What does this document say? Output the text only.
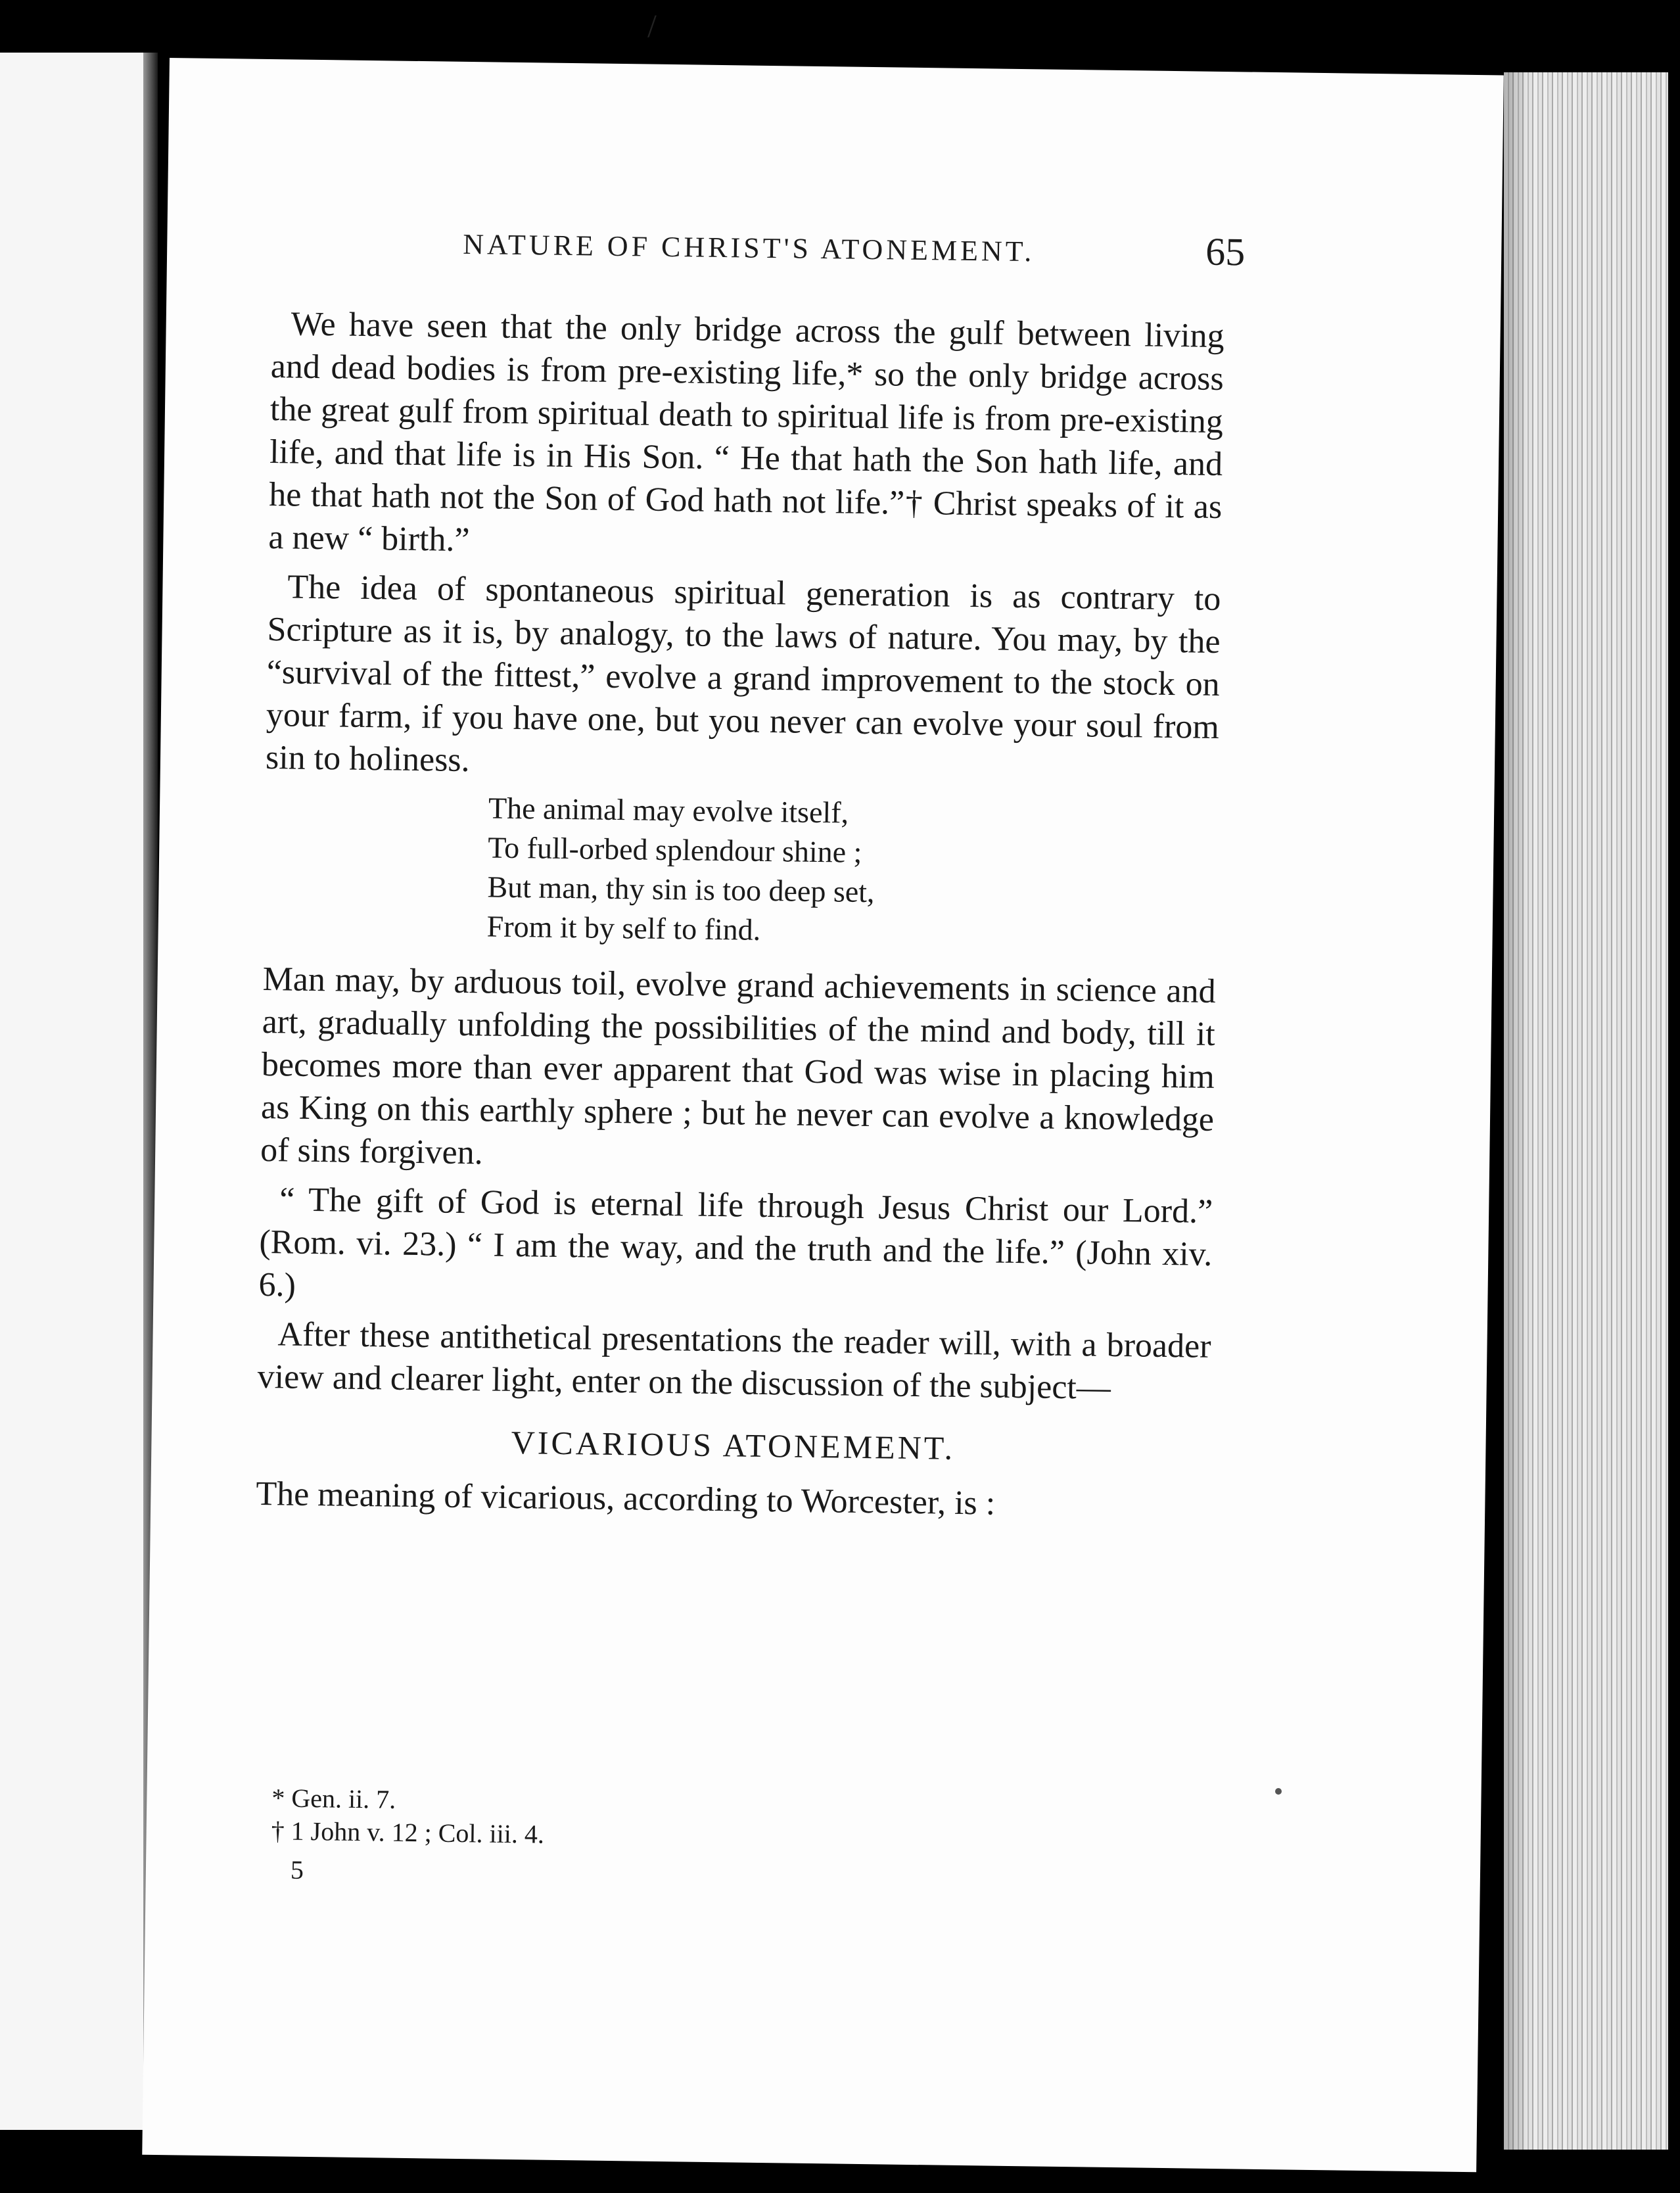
/
NATURE OF CHRIST'S ATONEMENT.	65

We have seen that the only bridge across the gulf between living and dead bodies is from pre-existing life,* so the only bridge across the great gulf from spiritual death to spiritual life is from pre-existing life, and that life is in His Son. “ He that hath the Son hath life, and he that hath not the Son of God hath not life.”† Christ speaks of it as a new “ birth.”

The idea of spontaneous spiritual generation is as contrary to Scripture as it is, by analogy, to the laws of nature. You may, by the “survival of the fittest,” evolve a grand improvement to the stock on your farm, if you have one, but you never can evolve your soul from sin to holiness.

The animal may evolve itself,
To full-orbed splendour shine ;
But man, thy sin is too deep set,
From it by self to find.

Man may, by arduous toil, evolve grand achievements in science and art, gradually unfolding the possibilities of the mind and body, till it becomes more than ever apparent that God was wise in placing him as King on this earthly sphere ; but he never can evolve a knowledge of sins forgiven.

“ The gift of God is eternal life through Jesus Christ our Lord.” (Rom. vi. 23.) “ I am the way, and the truth and the life.” (John xiv. 6.)

After these antithetical presentations the reader will, with a broader view and clearer light, enter on the discussion of the subject—

VICARIOUS ATONEMENT.

The meaning of vicarious, according to Worcester, is :

* Gen. ii. 7.
† 1 John v. 12 ; Col. iii. 4.
5
